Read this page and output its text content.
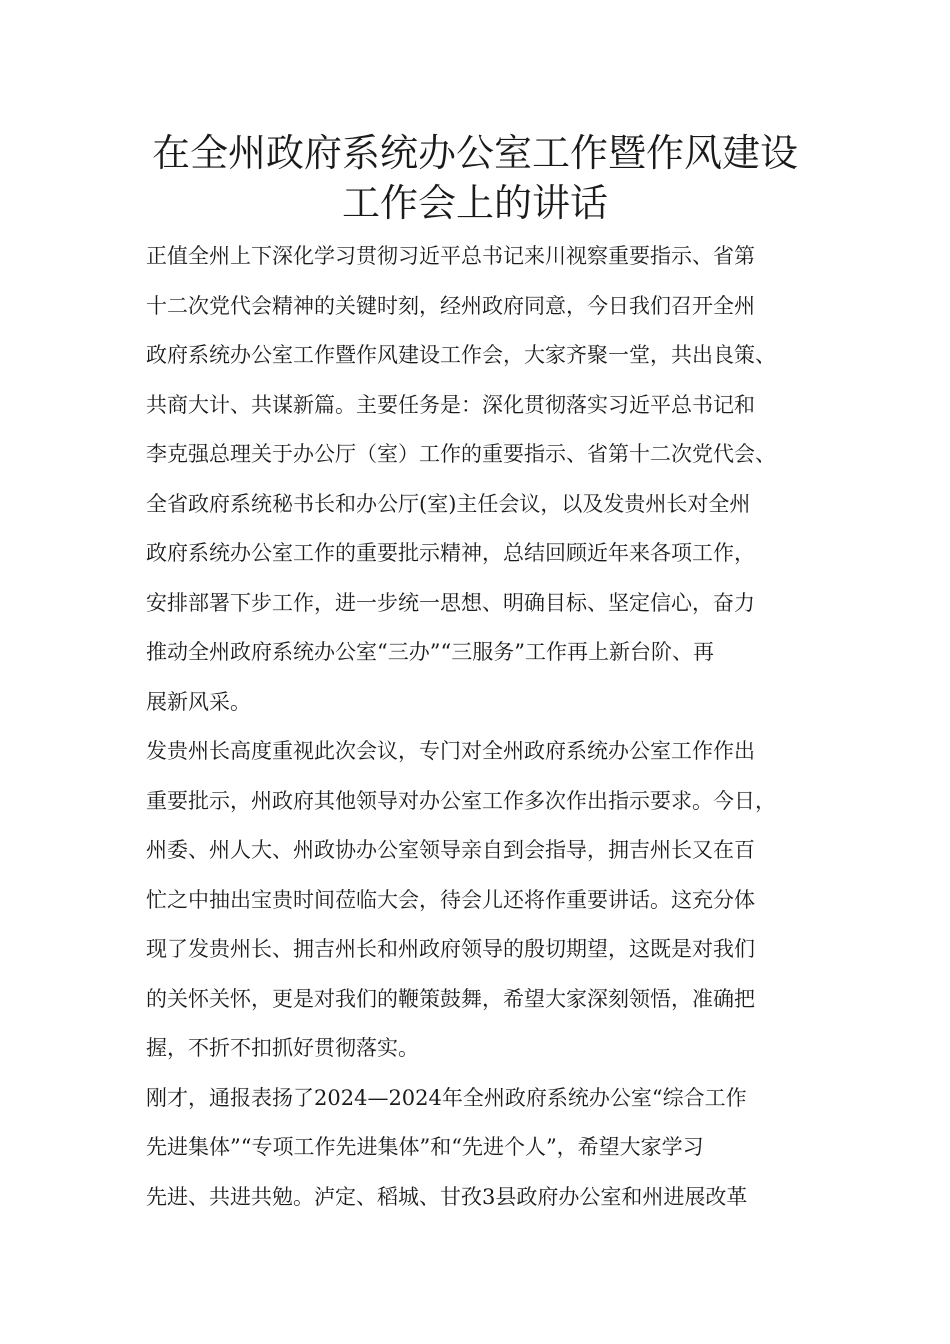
在全州政府系统办公室工作暨作风建设
工作会上的讲话

正值全州上下深化学习贯彻习近平总书记来川视察重要指示、省第
十二次党代会精神的关键时刻，经州政府同意，今日我们召开全州
政府系统办公室工作暨作风建设工作会，大家齐聚一堂，共出良策、
共商大计、共谋新篇。主要任务是：深化贯彻落实习近平总书记和
李克强总理关于办公厅（室）工作的重要指示、省第十二次党代会、
全省政府系统秘书长和办公厅(室)主任会议，以及发贵州长对全州
政府系统办公室工作的重要批示精神，总结回顾近年来各项工作，
安排部署下步工作，进一步统一思想、明确目标、坚定信心，奋力
推动全州政府系统办公室“三办”“三服务”工作再上新台阶、再
展新风采。

发贵州长高度重视此次会议，专门对全州政府系统办公室工作作出
重要批示，州政府其他领导对办公室工作多次作出指示要求。今日，
州委、州人大、州政协办公室领导亲自到会指导，拥吉州长又在百
忙之中抽出宝贵时间莅临大会，待会儿还将作重要讲话。这充分体
现了发贵州长、拥吉州长和州政府领导的殷切期望，这既是对我们
的关怀关怀，更是对我们的鞭策鼓舞，希望大家深刻领悟，准确把
握，不折不扣抓好贯彻落实。

刚才，通报表扬了2024—2024年全州政府系统办公室“综合工作
先进集体”“专项工作先进集体”和“先进个人”，希望大家学习
先进、共进共勉。泸定、稻城、甘孜3县政府办公室和州进展改革
